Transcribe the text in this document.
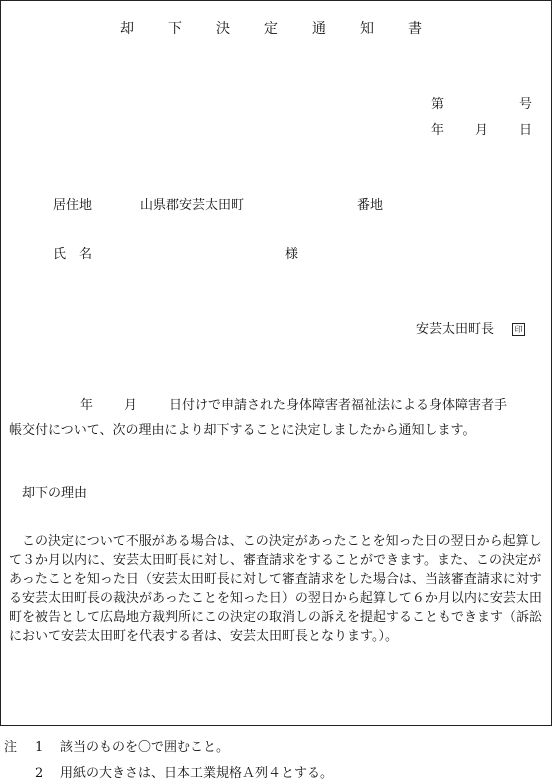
却　下　決　定　通　知　書
第	号
年 月 日
居住地	山県郡安芸太田町	番地
氏　名	様
安芸太田町長	印
年 月 日付けで申請された身体障害者福祉法による身体障害者手
帳交付について、次の理由により却下することに決定しましたから通知します。
却下の理由
この決定について不服がある場合は、この決定があったことを知った日の翌日から起算して３か月以内に、安芸太田町長に対し、審査請求をすることができます。また、この決定があったことを知った日（安芸太田町長に対して審査請求をした場合は、当該審査請求に対する安芸太田町長の裁決があったことを知った日）の翌日から起算して６か月以内に安芸太田町を被告として広島地方裁判所にこの決定の取消しの訴えを提起することもできます（訴訟において安芸太田町を代表する者は、安芸太田町長となります。）。
注 1 該当のものを〇で囲むこと。
2 用紙の大きさは、日本工業規格Ａ列４とする。
